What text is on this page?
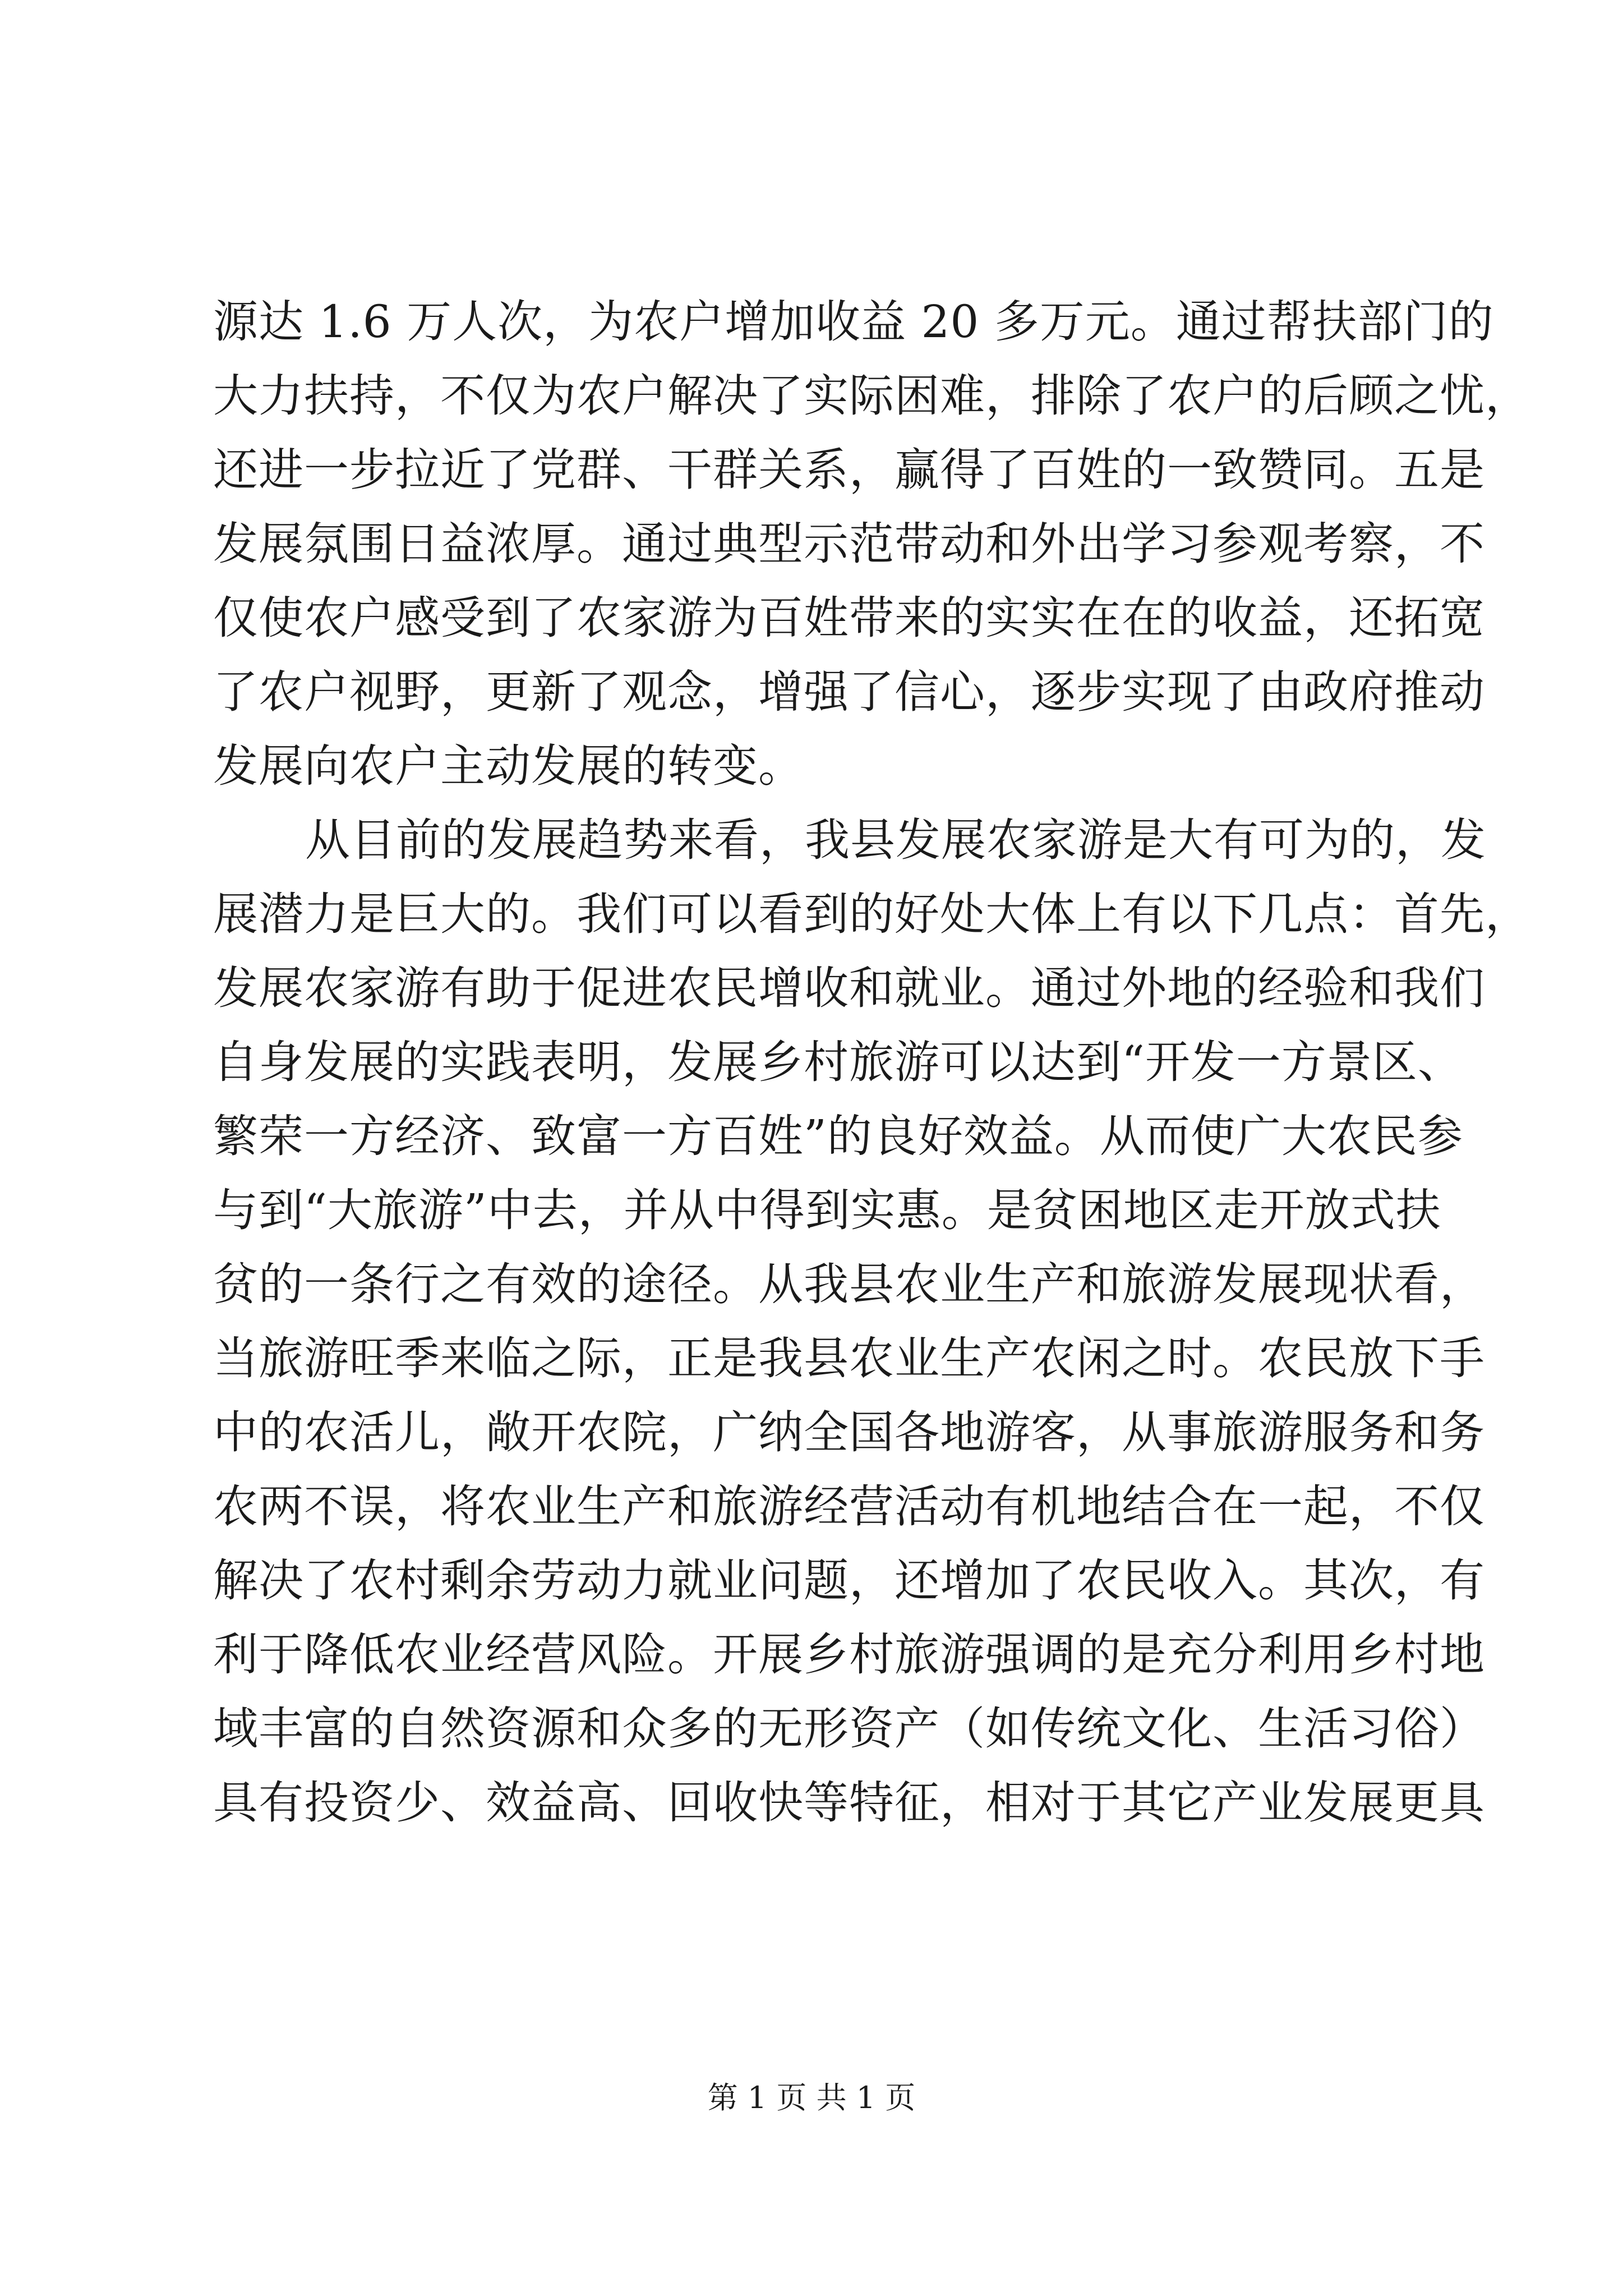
源达 1.6 万人次，为农户增加收益 20 多万元。通过帮扶部门的
大力扶持，不仅为农户解决了实际困难，排除了农户的后顾之忧，
还进一步拉近了党群、干群关系，赢得了百姓的一致赞同。五是
发展氛围日益浓厚。通过典型示范带动和外出学习参观考察，不
仅使农户感受到了农家游为百姓带来的实实在在的收益，还拓宽
了农户视野，更新了观念，增强了信心，逐步实现了由政府推动
发展向农户主动发展的转变。
从目前的发展趋势来看，我县发展农家游是大有可为的，发
展潜力是巨大的。我们可以看到的好处大体上有以下几点：首先，
发展农家游有助于促进农民增收和就业。通过外地的经验和我们
自身发展的实践表明，发展乡村旅游可以达到“开发一方景区、
繁荣一方经济、致富一方百姓”的良好效益。从而使广大农民参
与到“大旅游”中去，并从中得到实惠。是贫困地区走开放式扶
贫的一条行之有效的途径。从我县农业生产和旅游发展现状看，
当旅游旺季来临之际，正是我县农业生产农闲之时。农民放下手
中的农活儿，敞开农院，广纳全国各地游客，从事旅游服务和务
农两不误，将农业生产和旅游经营活动有机地结合在一起，不仅
解决了农村剩余劳动力就业问题，还增加了农民收入。其次，有
利于降低农业经营风险。开展乡村旅游强调的是充分利用乡村地
域丰富的自然资源和众多的无形资产（如传统文化、生活习俗）
具有投资少、效益高、回收快等特征，相对于其它产业发展更具
第 1 页 共 1 页
